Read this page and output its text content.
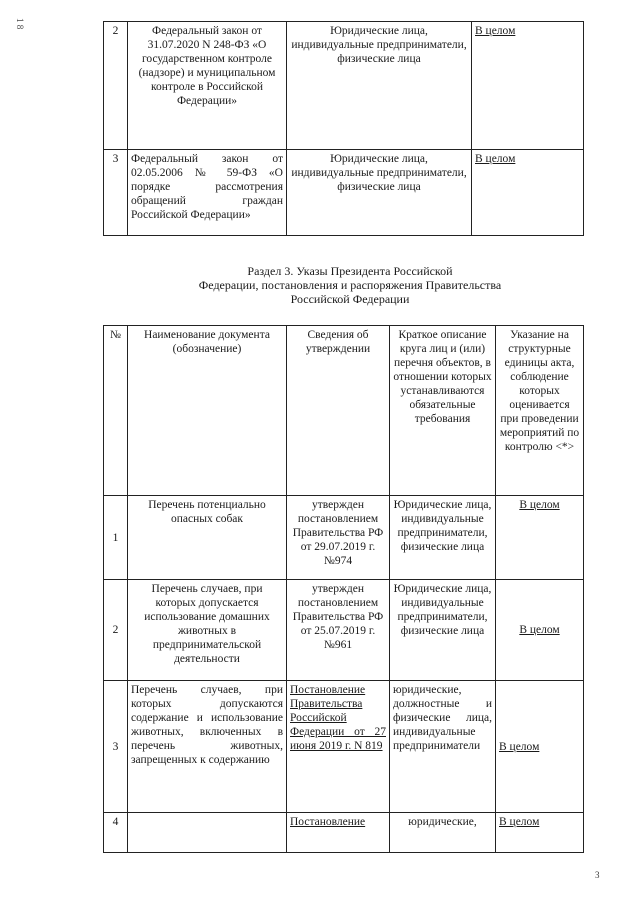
1 8
2	Федеральный закон от 31.07.2020 N 248-ФЗ «О государственном контроле (надзоре) и муниципальном контроле в Российской Федерации»	Юридические лица, индивидуальные предприниматели, физические лица	В целом
3	Федеральный закон от 02.05.2006 № 59-ФЗ «О порядке рассмотрения обращений граждан Российской Федерации»	Юридические лица, индивидуальные предприниматели, физические лица	В целом
Раздел 3. Указы Президента Российской
Федерации, постановления и распоряжения Правительства
Российской Федерации
№	Наименование документа (обозначение)	Сведения об утверждении	Краткое описание круга лиц и (или) перечня объектов, в отношении которых устанавливаются обязательные требования	Указание на структурные единицы акта, соблюдение которых оценивается при проведении мероприятий по контролю <*>
1	Перечень потенциально опасных собак	утвержден постановлением Правительства РФ от 29.07.2019 г. №974	Юридические лица, индивидуальные предприниматели, физические лица	В целом
2	Перечень случаев, при которых допускается использование домашних животных в предпринимательской деятельности	утвержден постановлением Правительства РФ от 25.07.2019 г. №961	Юридические лица, индивидуальные предприниматели, физические лица	В целом
3	Перечень случаев, при которых допускаются содержание и использование животных, включенных в перечень животных, запрещенных к содержанию	Постановление Правительства Российской Федерации от 27 июня 2019 г. N 819	юридические, должностные и физические лица, индивидуальные предприниматели	В целом
4		Постановление	юридические,	В целом
3
